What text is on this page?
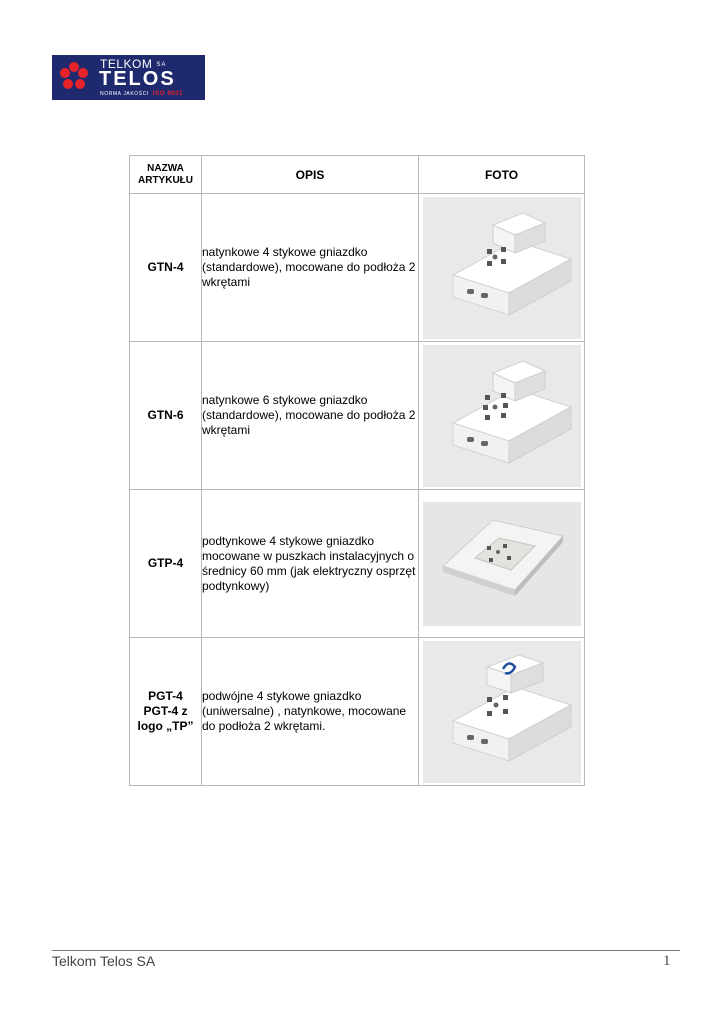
TELKOM SA
TELOS
NORMA JAKOŚCI ISO 9001
NAZWA
ARTYKUŁU	OPIS	FOTO
GTN-4	natynkowe 4 stykowe gniazdko (standardowe), mocowane do podłoża 2 wkrętami	

GTN-6	natynkowe 6 stykowe gniazdko (standardowe), mocowane do podłoża 2 wkrętami	

GTP-4	podtynkowe 4 stykowe gniazdko mocowane w puszkach instalacyjnych o średnicy 60 mm (jak elektryczny osprzęt podtynkowy)	

PGT-4
PGT-4 z
logo „TP”	podwójne 4 stykowe gniazdko (uniwersalne) , natynkowe, mocowane do podłoża 2 wkrętami.	
Telkom Telos SA	1
